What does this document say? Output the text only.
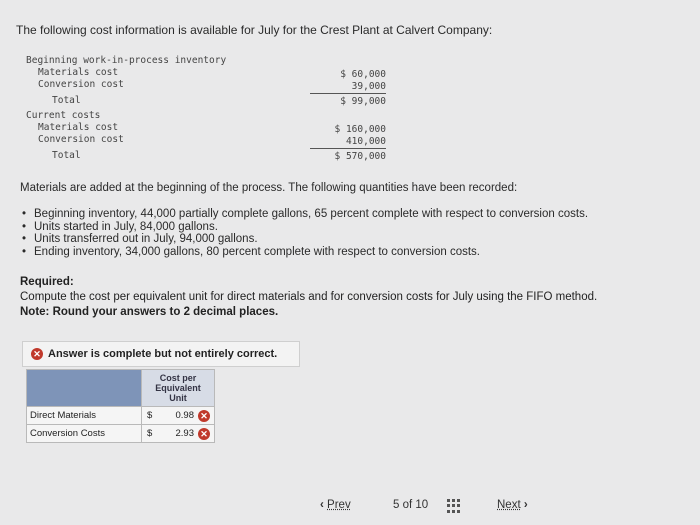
The following cost information is available for July for the Crest Plant at Calvert Company:
Beginning work-in-process inventory
Materials cost	$ 60,000
Conversion cost	39,000
Total	$ 99,000
Current costs
Materials cost	$ 160,000
Conversion cost	410,000
Total	$ 570,000
Materials are added at the beginning of the process. The following quantities have been recorded:
• Beginning inventory, 44,000 partially complete gallons, 65 percent complete with respect to conversion costs.
• Units started in July, 84,000 gallons.
• Units transferred out in July, 94,000 gallons.
• Ending inventory, 34,000 gallons, 80 percent complete with respect to conversion costs.
Required:
Compute the cost per equivalent unit for direct materials and for conversion costs for July using the FIFO method.
Note: Round your answers to 2 decimal places.
✕ Answer is complete but not entirely correct.

	Cost per
Equivalent
Unit

Direct Materials	$ 0.98 ✕

Conversion Costs	$ 2.93 ✕
‹ Prev	5 of 10	Next ›
